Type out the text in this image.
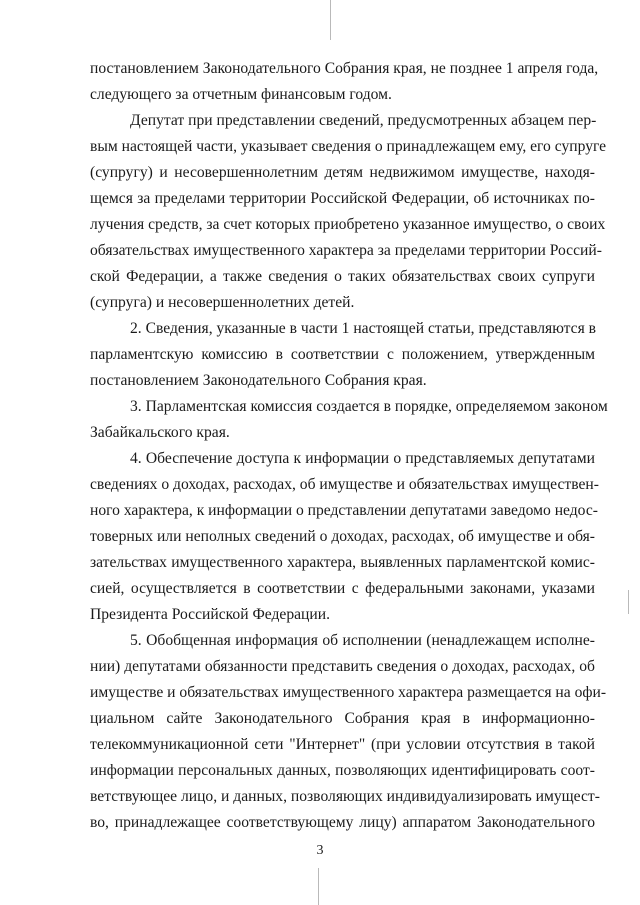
постановлением Законодательного Собрания края, не позднее 1 апреля года,

следующего за отчетным финансовым годом.

Депутат при представлении сведений, предусмотренных абзацем пер-

вым настоящей части, указывает сведения о принадлежащем ему, его супруге

(супругу) и несовершеннолетним детям недвижимом имуществе, находя-

щемся за пределами территории Российской Федерации, об источниках по-

лучения средств, за счет которых приобретено указанное имущество, о своих

обязательствах имущественного характера за пределами территории Россий-

ской Федерации, а также сведения о таких обязательствах своих супруги

(супруга) и несовершеннолетних детей.

2. Сведения, указанные в части 1 настоящей статьи, представляются в

парламентскую комиссию в соответствии с положением, утвержденным

постановлением Законодательного Собрания края.

3. Парламентская комиссия создается в порядке, определяемом законом

Забайкальского края.

4. Обеспечение доступа к информации о представляемых депутатами

сведениях о доходах, расходах, об имуществе и обязательствах имуществен-

ного характера, к информации о представлении депутатами заведомо недос-

товерных или неполных сведений о доходах, расходах, об имуществе и обя-

зательствах имущественного характера, выявленных парламентской комис-

сией, осуществляется в соответствии с федеральными законами, указами

Президента Российской Федерации.

5. Обобщенная информация об исполнении (ненадлежащем исполне-

нии) депутатами обязанности представить сведения о доходах, расходах, об

имуществе и обязательствах имущественного характера размещается на офи-

циальном сайте Законодательного Собрания края в информационно-

телекоммуникационной сети "Интернет" (при условии отсутствия в такой

информации персональных данных, позволяющих идентифицировать соот-

ветствующее лицо, и данных, позволяющих индивидуализировать имущест-

во, принадлежащее соответствующему лицу) аппаратом Законодательного

3
